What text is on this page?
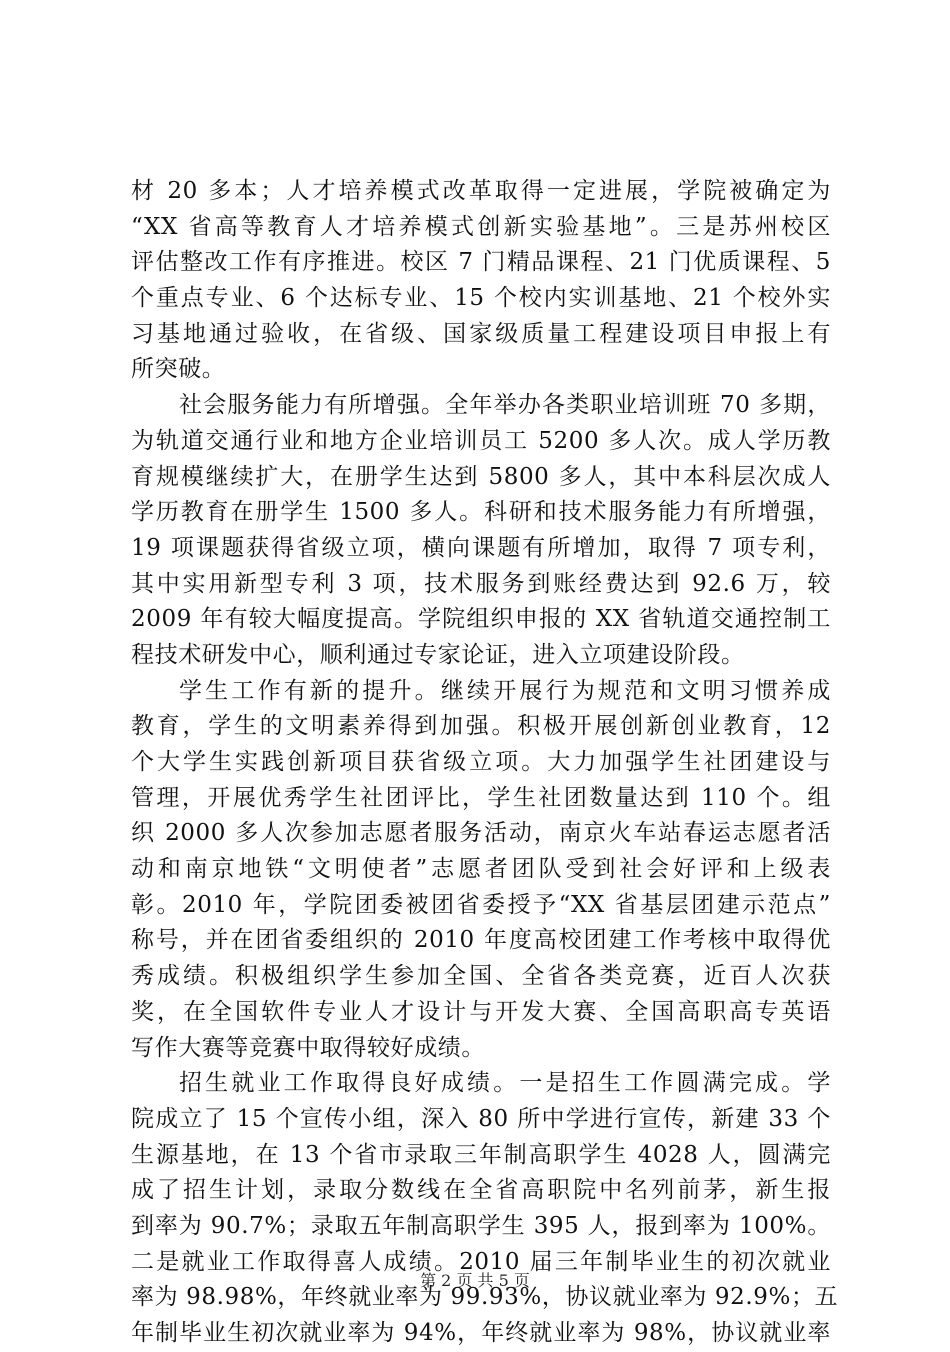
材 20 多本；人才培养模式改革取得一定进展，学院被确定为
“XX 省高等教育人才培养模式创新实验基地”。三是苏州校区
评估整改工作有序推进。校区 7 门精品课程、21 门优质课程、5
个重点专业、6 个达标专业、15 个校内实训基地、21 个校外实
习基地通过验收，在省级、国家级质量工程建设项目申报上有
所突破。
社会服务能力有所增强。全年举办各类职业培训班 70 多期，
为轨道交通行业和地方企业培训员工 5200 多人次。成人学历教
育规模继续扩大，在册学生达到 5800 多人，其中本科层次成人
学历教育在册学生 1500 多人。科研和技术服务能力有所增强，
19 项课题获得省级立项，横向课题有所增加，取得 7 项专利，
其中实用新型专利 3 项，技术服务到账经费达到 92.6 万，较
2009 年有较大幅度提高。学院组织申报的 XX 省轨道交通控制工
程技术研发中心，顺利通过专家论证，进入立项建设阶段。
学生工作有新的提升。继续开展行为规范和文明习惯养成
教育，学生的文明素养得到加强。积极开展创新创业教育，12
个大学生实践创新项目获省级立项。大力加强学生社团建设与
管理，开展优秀学生社团评比，学生社团数量达到 110 个。组
织 2000 多人次参加志愿者服务活动，南京火车站春运志愿者活
动和南京地铁“文明使者”志愿者团队受到社会好评和上级表
彰。2010 年，学院团委被团省委授予“XX 省基层团建示范点”
称号，并在团省委组织的 2010 年度高校团建工作考核中取得优
秀成绩。积极组织学生参加全国、全省各类竞赛，近百人次获
奖，在全国软件专业人才设计与开发大赛、全国高职高专英语
写作大赛等竞赛中取得较好成绩。
招生就业工作取得良好成绩。一是招生工作圆满完成。学
院成立了 15 个宣传小组，深入 80 所中学进行宣传，新建 33 个
生源基地，在 13 个省市录取三年制高职学生 4028 人，圆满完
成了招生计划，录取分数线在全省高职院中名列前茅，新生报
到率为 90.7%；录取五年制高职学生 395 人，报到率为 100%。
二是就业工作取得喜人成绩。2010 届三年制毕业生的初次就业
率为 98.98%，年终就业率为 99.93%，协议就业率为 92.9%；五
年制毕业生初次就业率为 94%，年终就业率为 98%，协议就业率
第 2 页 共 5 页
